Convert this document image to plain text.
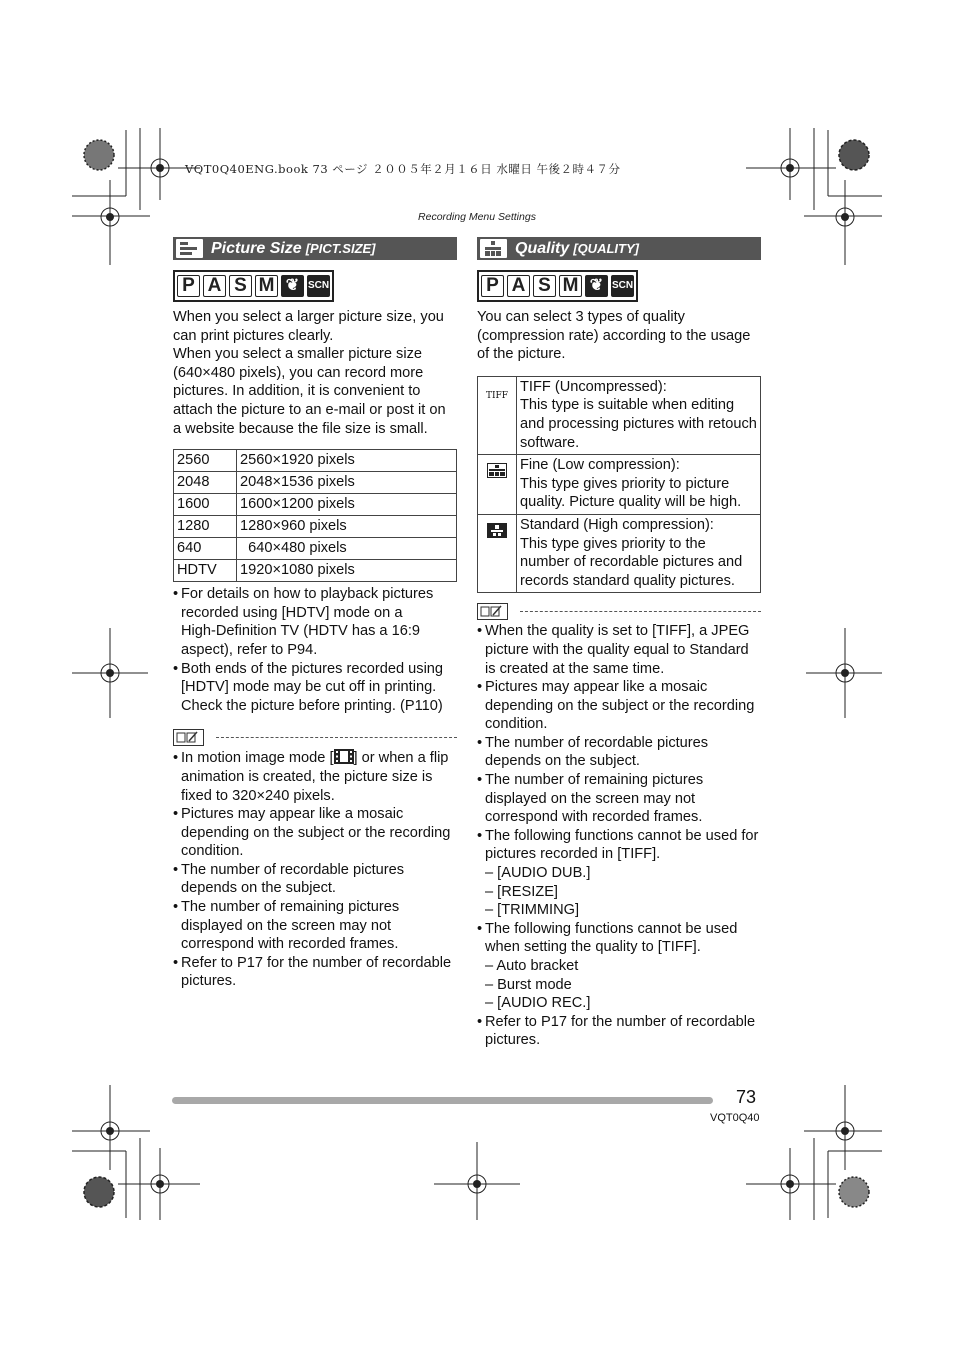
VQT0Q40ENG.book 73 ページ ２００５年２月１６日 水曜日 午後２時４７分
Recording Menu Settings
Picture Size [PICT.SIZE]
P A S M ❦ SCN

When you select a larger picture size, you
can print pictures clearly.
When you select a smaller picture size
(640×480 pixels), you can record more
pictures. In addition, it is convenient to
attach the picture to an e-mail or post it on
a website because the file size is small.

2560	2560×1920 pixels
2048	2048×1536 pixels
1600	1600×1200 pixels
1280	1280×960 pixels
640	640×480 pixels
HDTV	1920×1080 pixels
• For details on how to playback pictures
recorded using [HDTV] mode on a
High-Definition TV (HDTV has a 16:9
aspect), refer to P94.
• Both ends of the pictures recorded using
[HDTV] mode may be cut off in printing.
Check the picture before printing. (P110)
• In motion image mode [ ] or when a flip
animation is created, the picture size is
fixed to 320×240 pixels.
• Pictures may appear like a mosaic
depending on the subject or the recording
condition.
• The number of recordable pictures
depends on the subject.
• The number of remaining pictures
displayed on the screen may not
correspond with recorded frames.
• Refer to P17 for the number of recordable
pictures.
Quality [QUALITY]
P A S M ❦ SCN

You can select 3 types of quality
(compression rate) according to the usage
of the picture.

TIFF	TIFF (Uncompressed):
This type is suitable when editing
and processing pictures with retouch
software.
	Fine (Low compression):
This type gives priority to picture
quality. Picture quality will be high.
	Standard (High compression):
This type gives priority to the
number of recordable pictures and
records standard quality pictures.
• When the quality is set to [TIFF], a JPEG
picture with the quality equal to Standard
is created at the same time.
• Pictures may appear like a mosaic
depending on the subject or the recording
condition.
• The number of recordable pictures
depends on the subject.
• The number of remaining pictures
displayed on the screen may not
correspond with recorded frames.
• The following functions cannot be used for
pictures recorded in [TIFF].
– [AUDIO DUB.]
– [RESIZE]
– [TRIMMING]
• The following functions cannot be used
when setting the quality to [TIFF].
– Auto bracket
– Burst mode
– [AUDIO REC.]
• Refer to P17 for the number of recordable
pictures.
73
VQT0Q40
